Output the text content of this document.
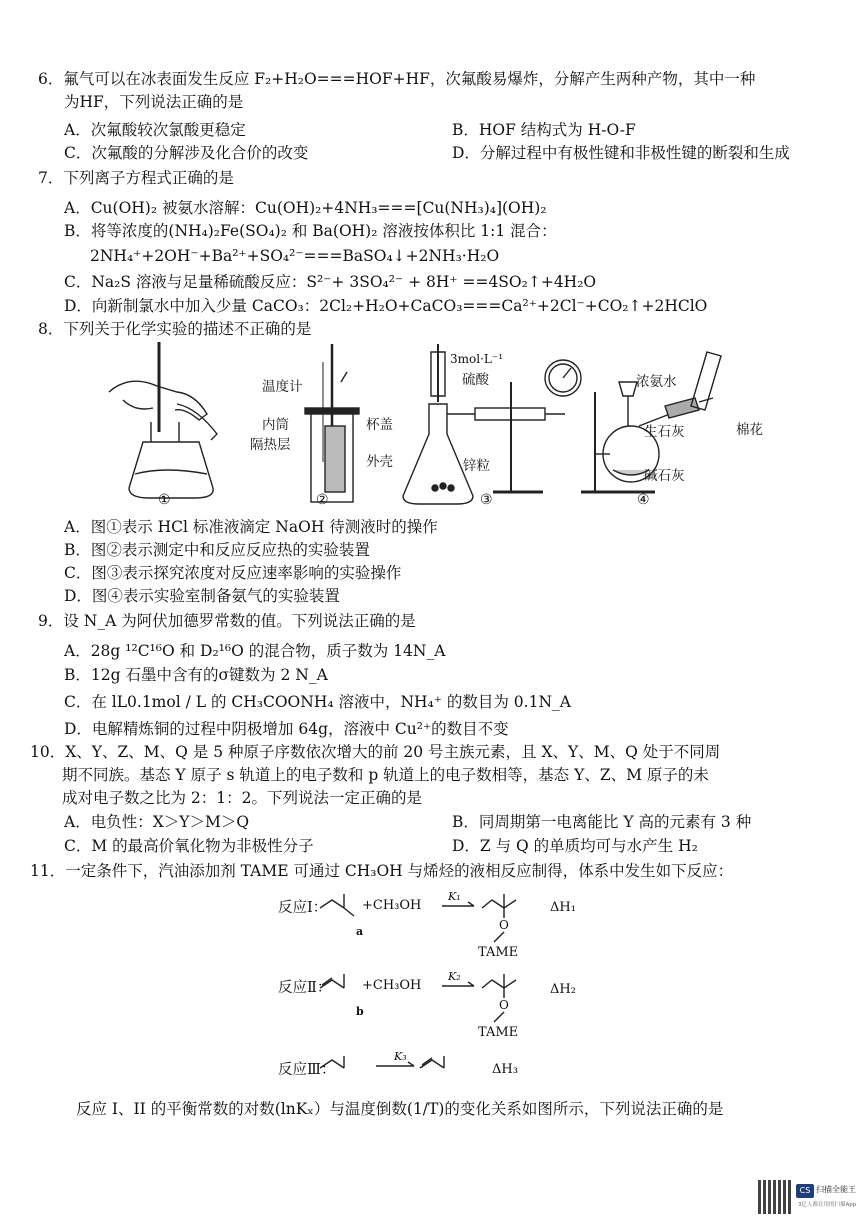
6．氟气可以在冰表面发生反应 F₂+H₂O===HOF+HF，次氟酸易爆炸，分解产生两种产物，其中一种
为HF，下列说法正确的是
A．次氟酸较次氯酸更稳定	B．HOF 结构式为 H-O-F
C．次氟酸的分解涉及化合价的改变	D．分解过程中有极性键和非极性键的断裂和生成
7．下列离子方程式正确的是
A．Cu(OH)₂ 被氨水溶解：Cu(OH)₂+4NH₃===[Cu(NH₃)₄](OH)₂
B．将等浓度的(NH₄)₂Fe(SO₄)₂ 和 Ba(OH)₂ 溶液按体积比 1:1 混合：
2NH₄⁺+2OH⁻+Ba²⁺+SO₄²⁻===BaSO₄↓+2NH₃·H₂O
C．Na₂S 溶液与足量稀硫酸反应：S²⁻+ 3SO₄²⁻ + 8H⁺ ==4SO₂↑+4H₂O
D．向新制氯水中加入少量 CaCO₃：2Cl₂+H₂O+CaCO₃===Ca²⁺+2Cl⁻+CO₂↑+2HClO
8．下列关于化学实验的描述不正确的是
温度计
内筒
隔热层
杯盖
外壳
3mol·L⁻¹
硫酸
锌粒
浓氨水
生石灰
碱石灰
棉花
①	②	③	④
A．图①表示 HCl 标准液滴定 NaOH 待测液时的操作
B．图②表示测定中和反应反应热的实验装置
C．图③表示探究浓度对反应速率影响的实验操作
D．图④表示实验室制备氨气的实验装置
9．设 N_A 为阿伏加德罗常数的值。下列说法正确的是
A．28g ¹²C¹⁶O 和 D₂¹⁶O 的混合物，质子数为 14N_A
B．12g 石墨中含有的σ键数为 2 N_A
C．在 lL0.1mol / L 的 CH₃COONH₄ 溶液中，NH₄⁺ 的数目为 0.1N_A
D．电解精炼铜的过程中阴极增加 64g，溶液中 Cu²⁺的数目不变
10．X、Y、Z、M、Q 是 5 种原子序数依次增大的前 20 号主族元素，且 X、Y、M、Q 处于不同周
期不同族。基态 Y 原子 s 轨道上的电子数和 p 轨道上的电子数相等，基态 Y、Z、M 原子的未
成对电子数之比为 2：1：2。下列说法一定正确的是
A．电负性：X＞Y＞M＞Q	B．同周期第一电离能比 Y 高的元素有 3 种
C．M 的最高价氧化物为非极性分子	D．Z 与 Q 的单质均可与水产生 H₂
11．一定条件下，汽油添加剂 TAME 可通过 CH₃OH 与烯烃的液相反应制得，体系中发生如下反应：
反应Ⅰ：	+CH₃OH
K₁
ΔH₁
a	O
TAME
反应Ⅱ： +CH₃OH
K₂
ΔH₂
b	O
TAME
反应Ⅲ：
K₃
ΔH₃
反应 I、II 的平衡常数的对数(lnKₓ）与温度倒数(1/T)的变化关系如图所示，下列说法正确的是
CS 扫描全能王
3亿人都在用的扫描App
